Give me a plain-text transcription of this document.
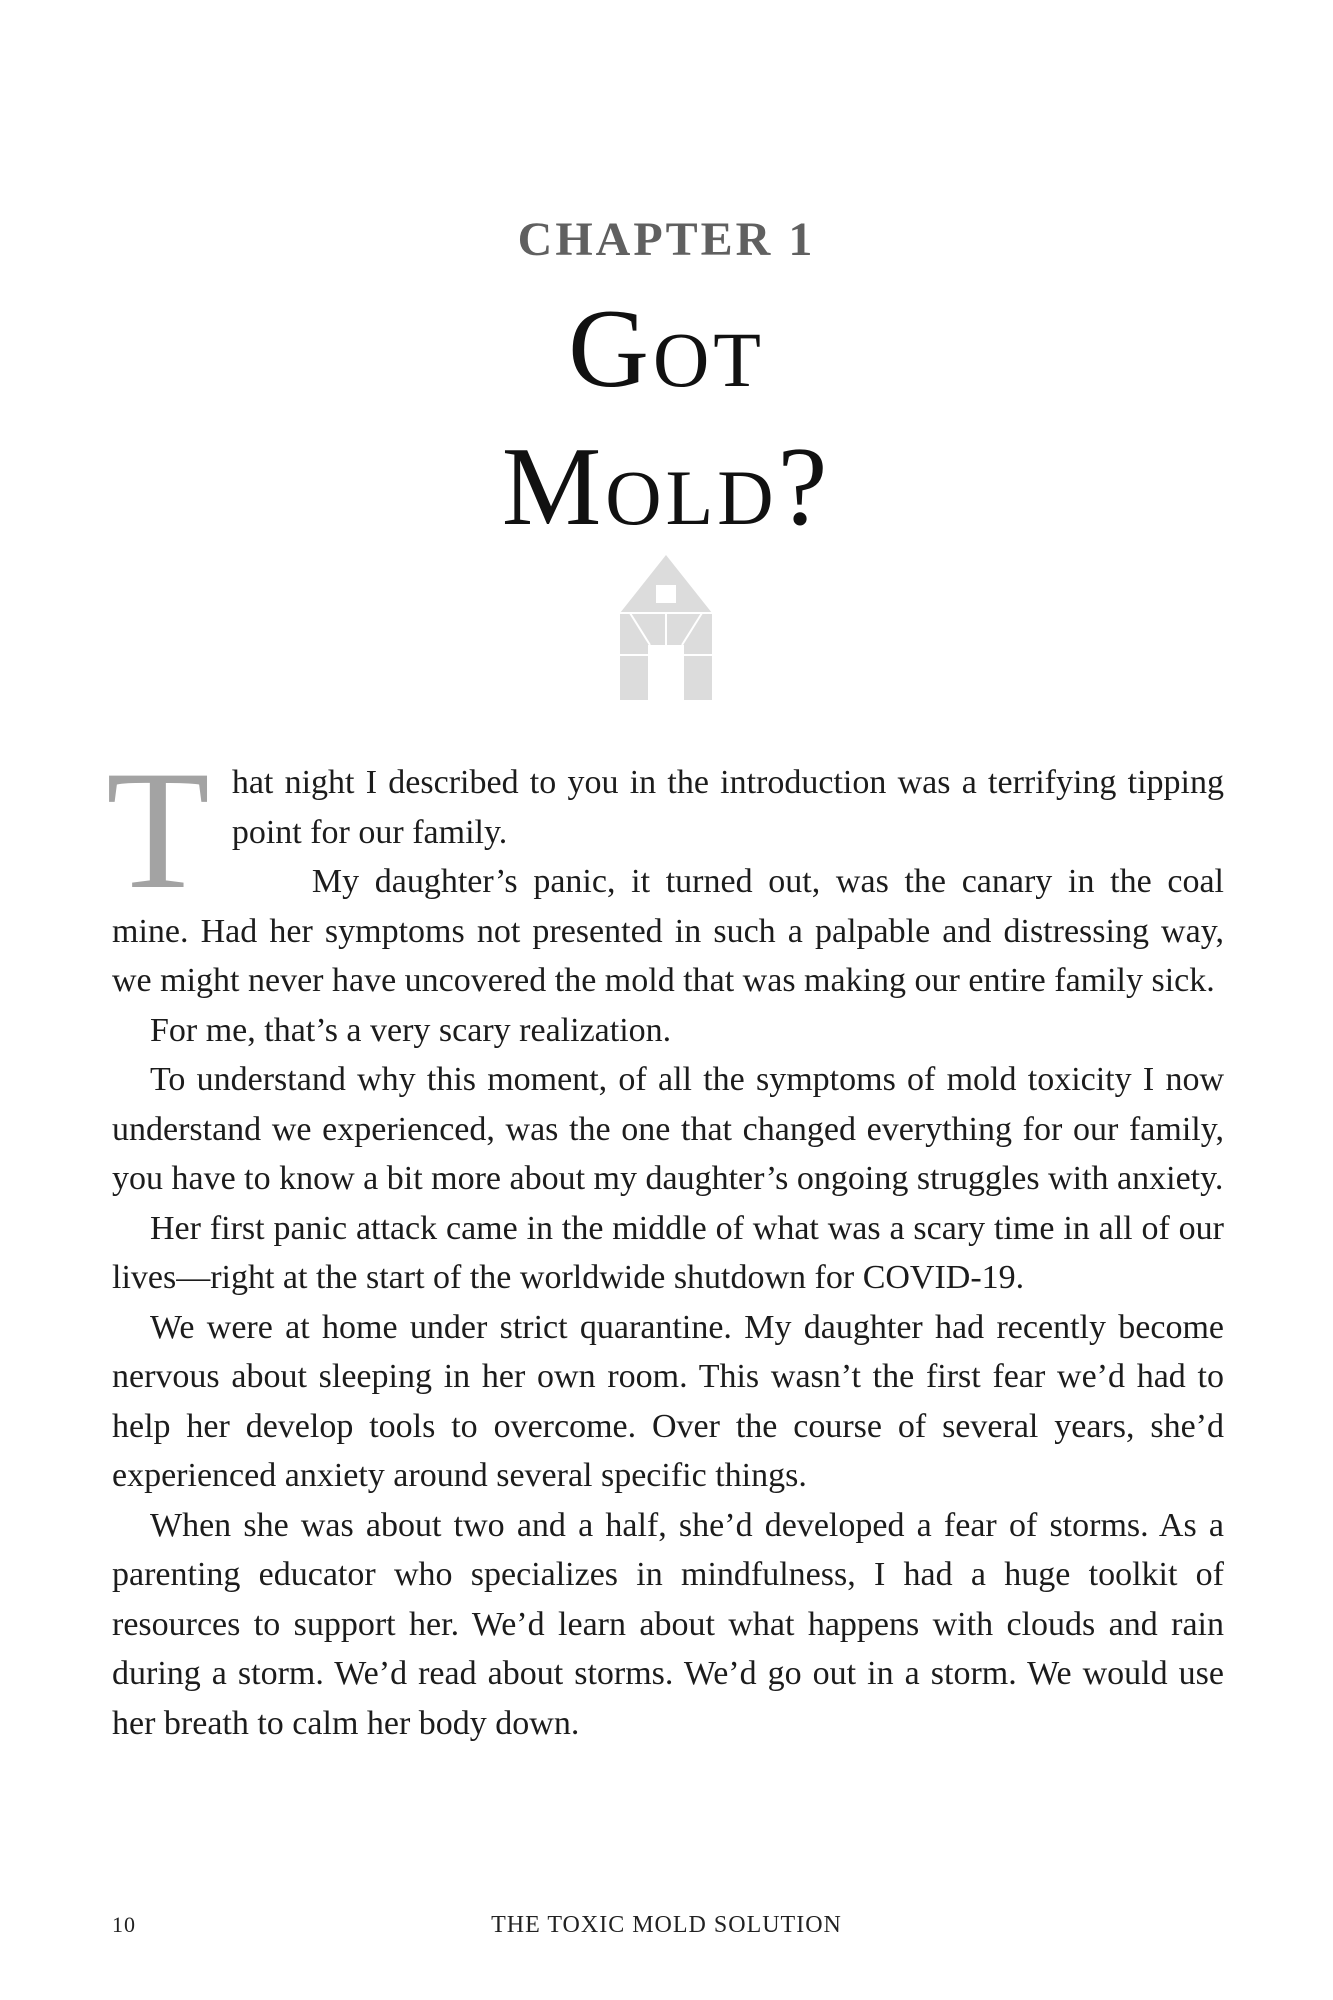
CHAPTER 1
Got
Mold?

That night I described to you in the introduction was a terrifying tipping point for our family.

My daughter’s panic, it turned out, was the canary in the coal mine. Had her symptoms not presented in such a palpable and distressing way, we might never have uncovered the mold that was making our entire family sick.

For me, that’s a very scary realization.

To understand why this moment, of all the symptoms of mold toxicity I now understand we experienced, was the one that changed everything for our family, you have to know a bit more about my daughter’s ongoing struggles with anxiety.

Her first panic attack came in the middle of what was a scary time in all of our lives—right at the start of the worldwide shutdown for COVID-19.

We were at home under strict quarantine. My daughter had recently become nervous about sleeping in her own room. This wasn’t the first fear we’d had to help her develop tools to overcome. Over the course of several years, she’d experienced anxiety around several specific things.

When she was about two and a half, she’d developed a fear of storms. As a parenting educator who specializes in mindfulness, I had a huge toolkit of resources to support her. We’d learn about what happens with clouds and rain during a storm. We’d read about storms. We’d go out in a storm. We would use her breath to calm her body down.

10	THE TOXIC MOLD SOLUTION
